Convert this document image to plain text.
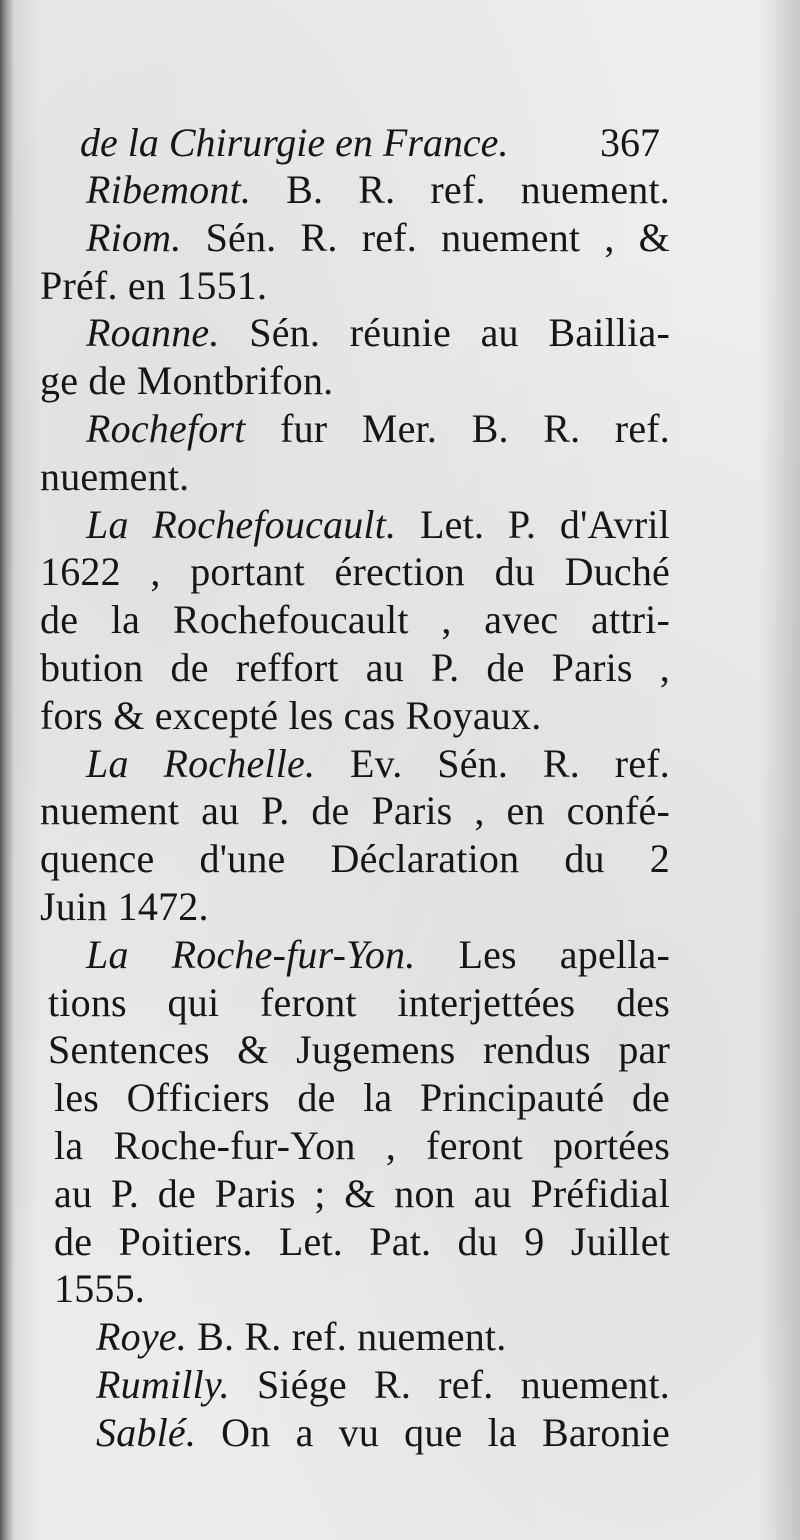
de la Chirurgie en France. 367
Ribemont. B. R. ref. nuement.
Riom. Sén. R. ref. nuement , &
Préf. en 1551.
Roanne. Sén. réunie au Baillia-
ge de Montbrifon.
Rochefort fur Mer. B. R. ref.
nuement.
La Rochefoucault. Let. P. d'Avril
1622 , portant érection du Duché
de la Rochefoucault , avec attri-
bution de reffort au P. de Paris ,
fors & excepté les cas Royaux.
La Rochelle. Ev. Sén. R. ref.
nuement au P. de Paris , en confé-
quence d'une Déclaration du 2
Juin 1472.
La Roche-fur-Yon. Les apella-
tions qui feront interjettées des
Sentences & Jugemens rendus par
les Officiers de la Principauté de
la Roche-fur-Yon , feront portées
au P. de Paris ; & non au Préfidial
de Poitiers. Let. Pat. du 9 Juillet
1555.
Roye. B. R. ref. nuement.
Rumilly. Siége R. ref. nuement.
Sablé. On a vu que la Baronie
